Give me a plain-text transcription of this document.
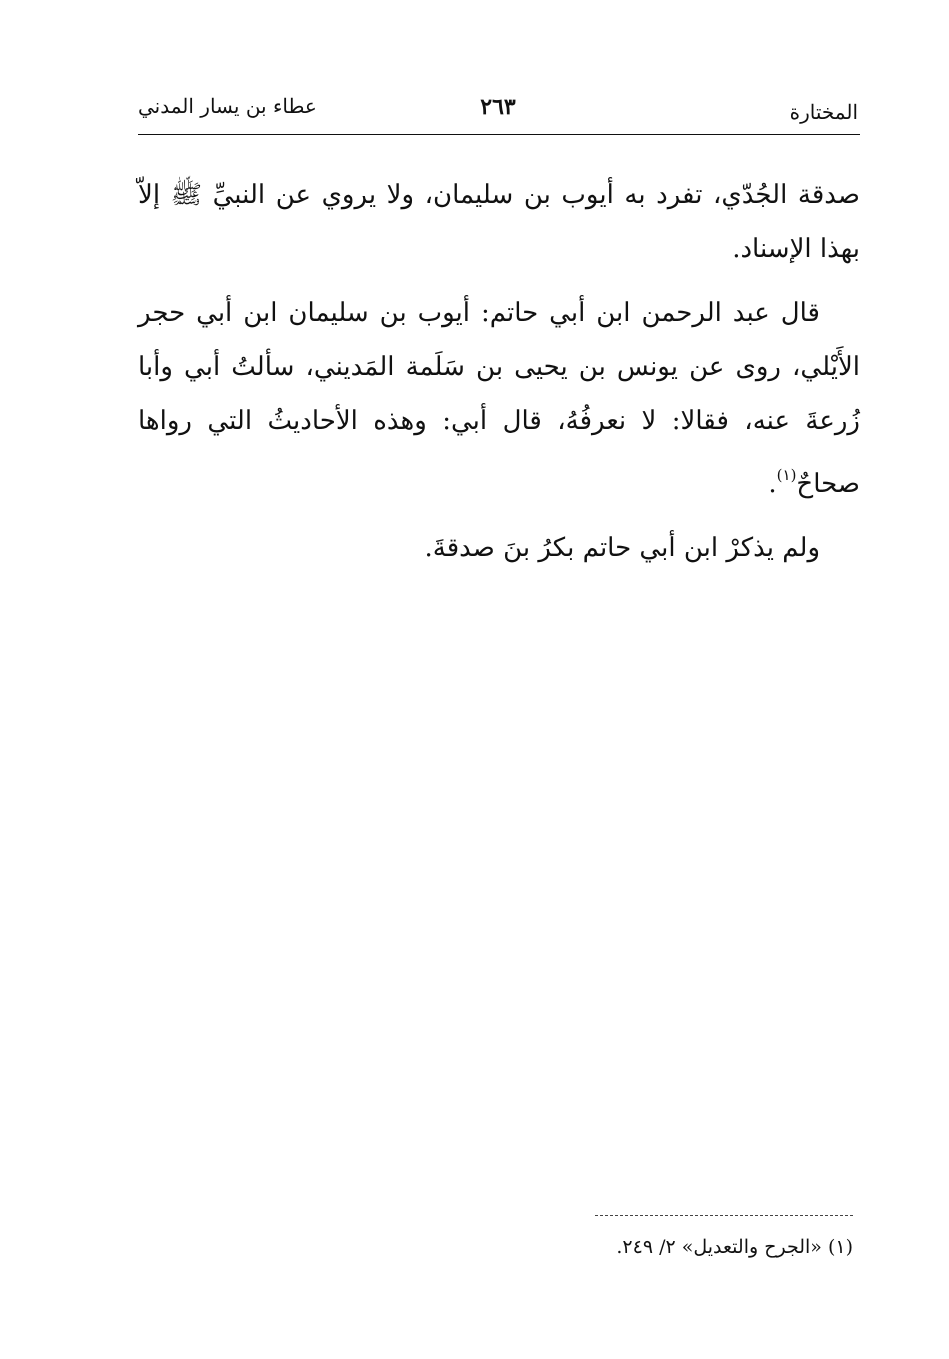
المختارة
٢٦٣
عطاء بن يسار المدني

صدقة الجُدّي، تفرد به أيوب بن سليمان، ولا يروي عن النبيِّ ﷺ إلاّ بهذا الإسناد.

قال عبد الرحمن ابن أبي حاتم: أيوب بن سليمان ابن أبي حجر الأَيْلي، روى عن يونس بن يحيى بن سَلَمة المَديني، سألتُ أبي وأبا زُرعةَ عنه، فقالا: لا نعرفُهُ، قال أبي: وهذه الأحاديثُ التي رواها صحاحٌ$^{(١)}$.

ولم يذكرْ ابن أبي حاتم بكرُ بنَ صدقةَ.

(١) «الجرح والتعديل» ٢/ ٢٤٩.
